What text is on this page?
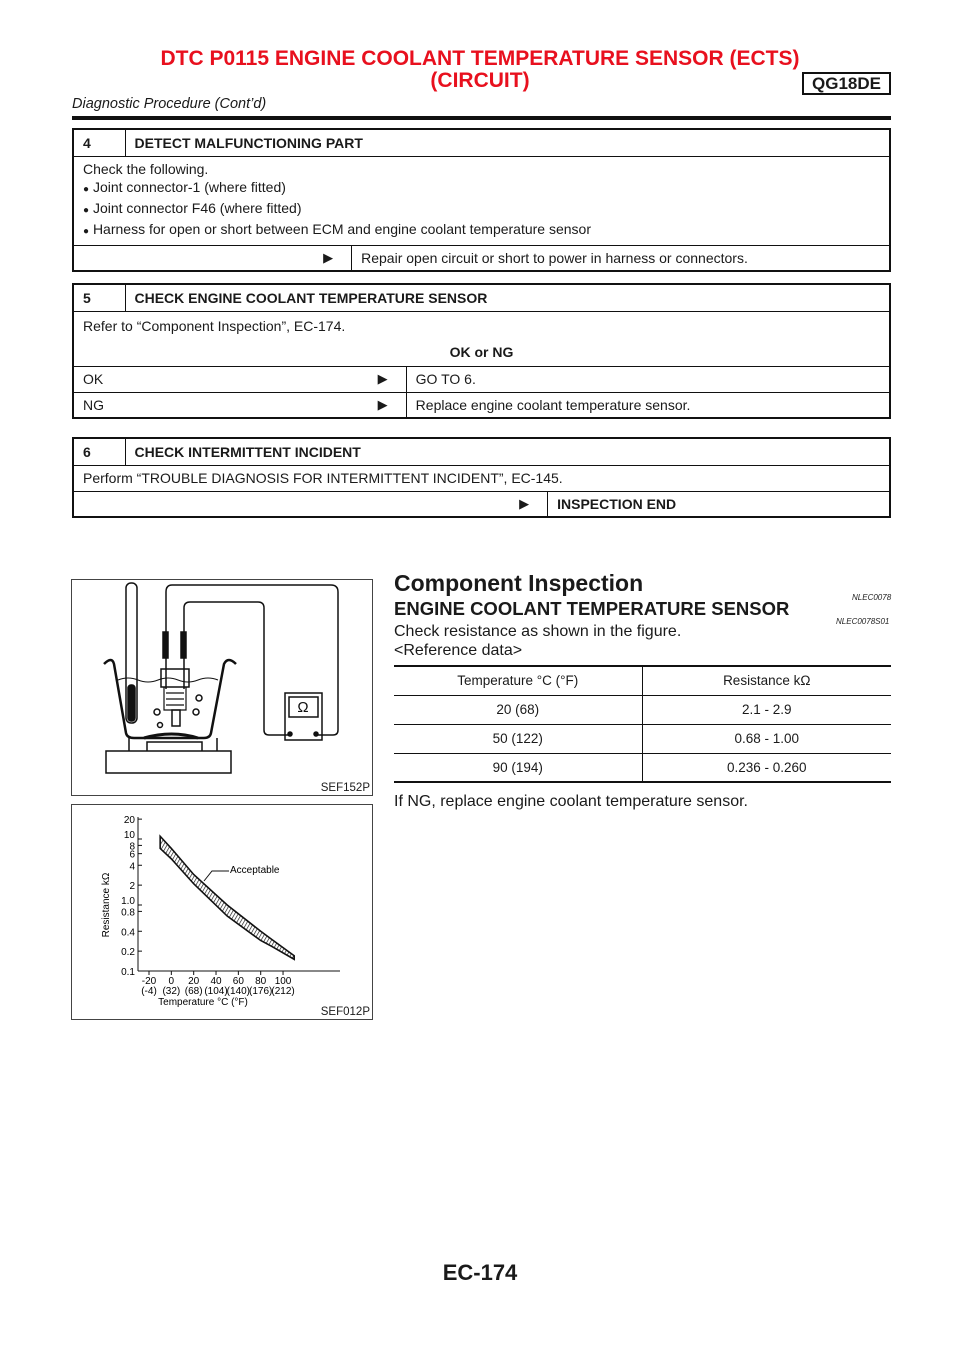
DTC P0115 ENGINE COOLANT TEMPERATURE SENSOR (ECTS)
(CIRCUIT)	QG18DE
Diagnostic Procedure (Cont’d)
4	DETECT MALFUNCTIONING PART	

Check the following.
● Joint connector-1 (where fitted)
● Joint connector F46 (where fitted)
● Harness for open or short between ECM and engine coolant temperature sensor		

▶		Repair open circuit or short to power in harness or connectors.
5	CHECK ENGINE COOLANT TEMPERATURE SENSOR	

Refer to “Component Inspection”, EC-174.
OK or NG		

OK ▶		GO TO 6.
NG ▶		Replace engine coolant temperature sensor.
6	CHECK INTERMITTENT INCIDENT	
Perform “TROUBLE DIAGNOSIS FOR INTERMITTENT INCIDENT”, EC-145.		
▶		INSPECTION END
Ω
SEF152P
0.1
0.2
0.4
0.8
1.0
2
4
6
8
10
20
-20
(-4)
0
(32)
20
(68)
40
(104)
60
(140)
80
(176)
100
(212)
Acceptable
Resistance kΩ
Temperature °C (°F)
SEF012P
Component Inspection
NLEC0078
ENGINE COOLANT TEMPERATURE SENSOR
NLEC0078S01
Check resistance as shown in the figure.
<Reference data>
Temperature °C (°F)	Resistance kΩ
20 (68)	2.1 - 2.9
50 (122)	0.68 - 1.00
90 (194)	0.236 - 0.260
If NG, replace engine coolant temperature sensor.
EC-174
